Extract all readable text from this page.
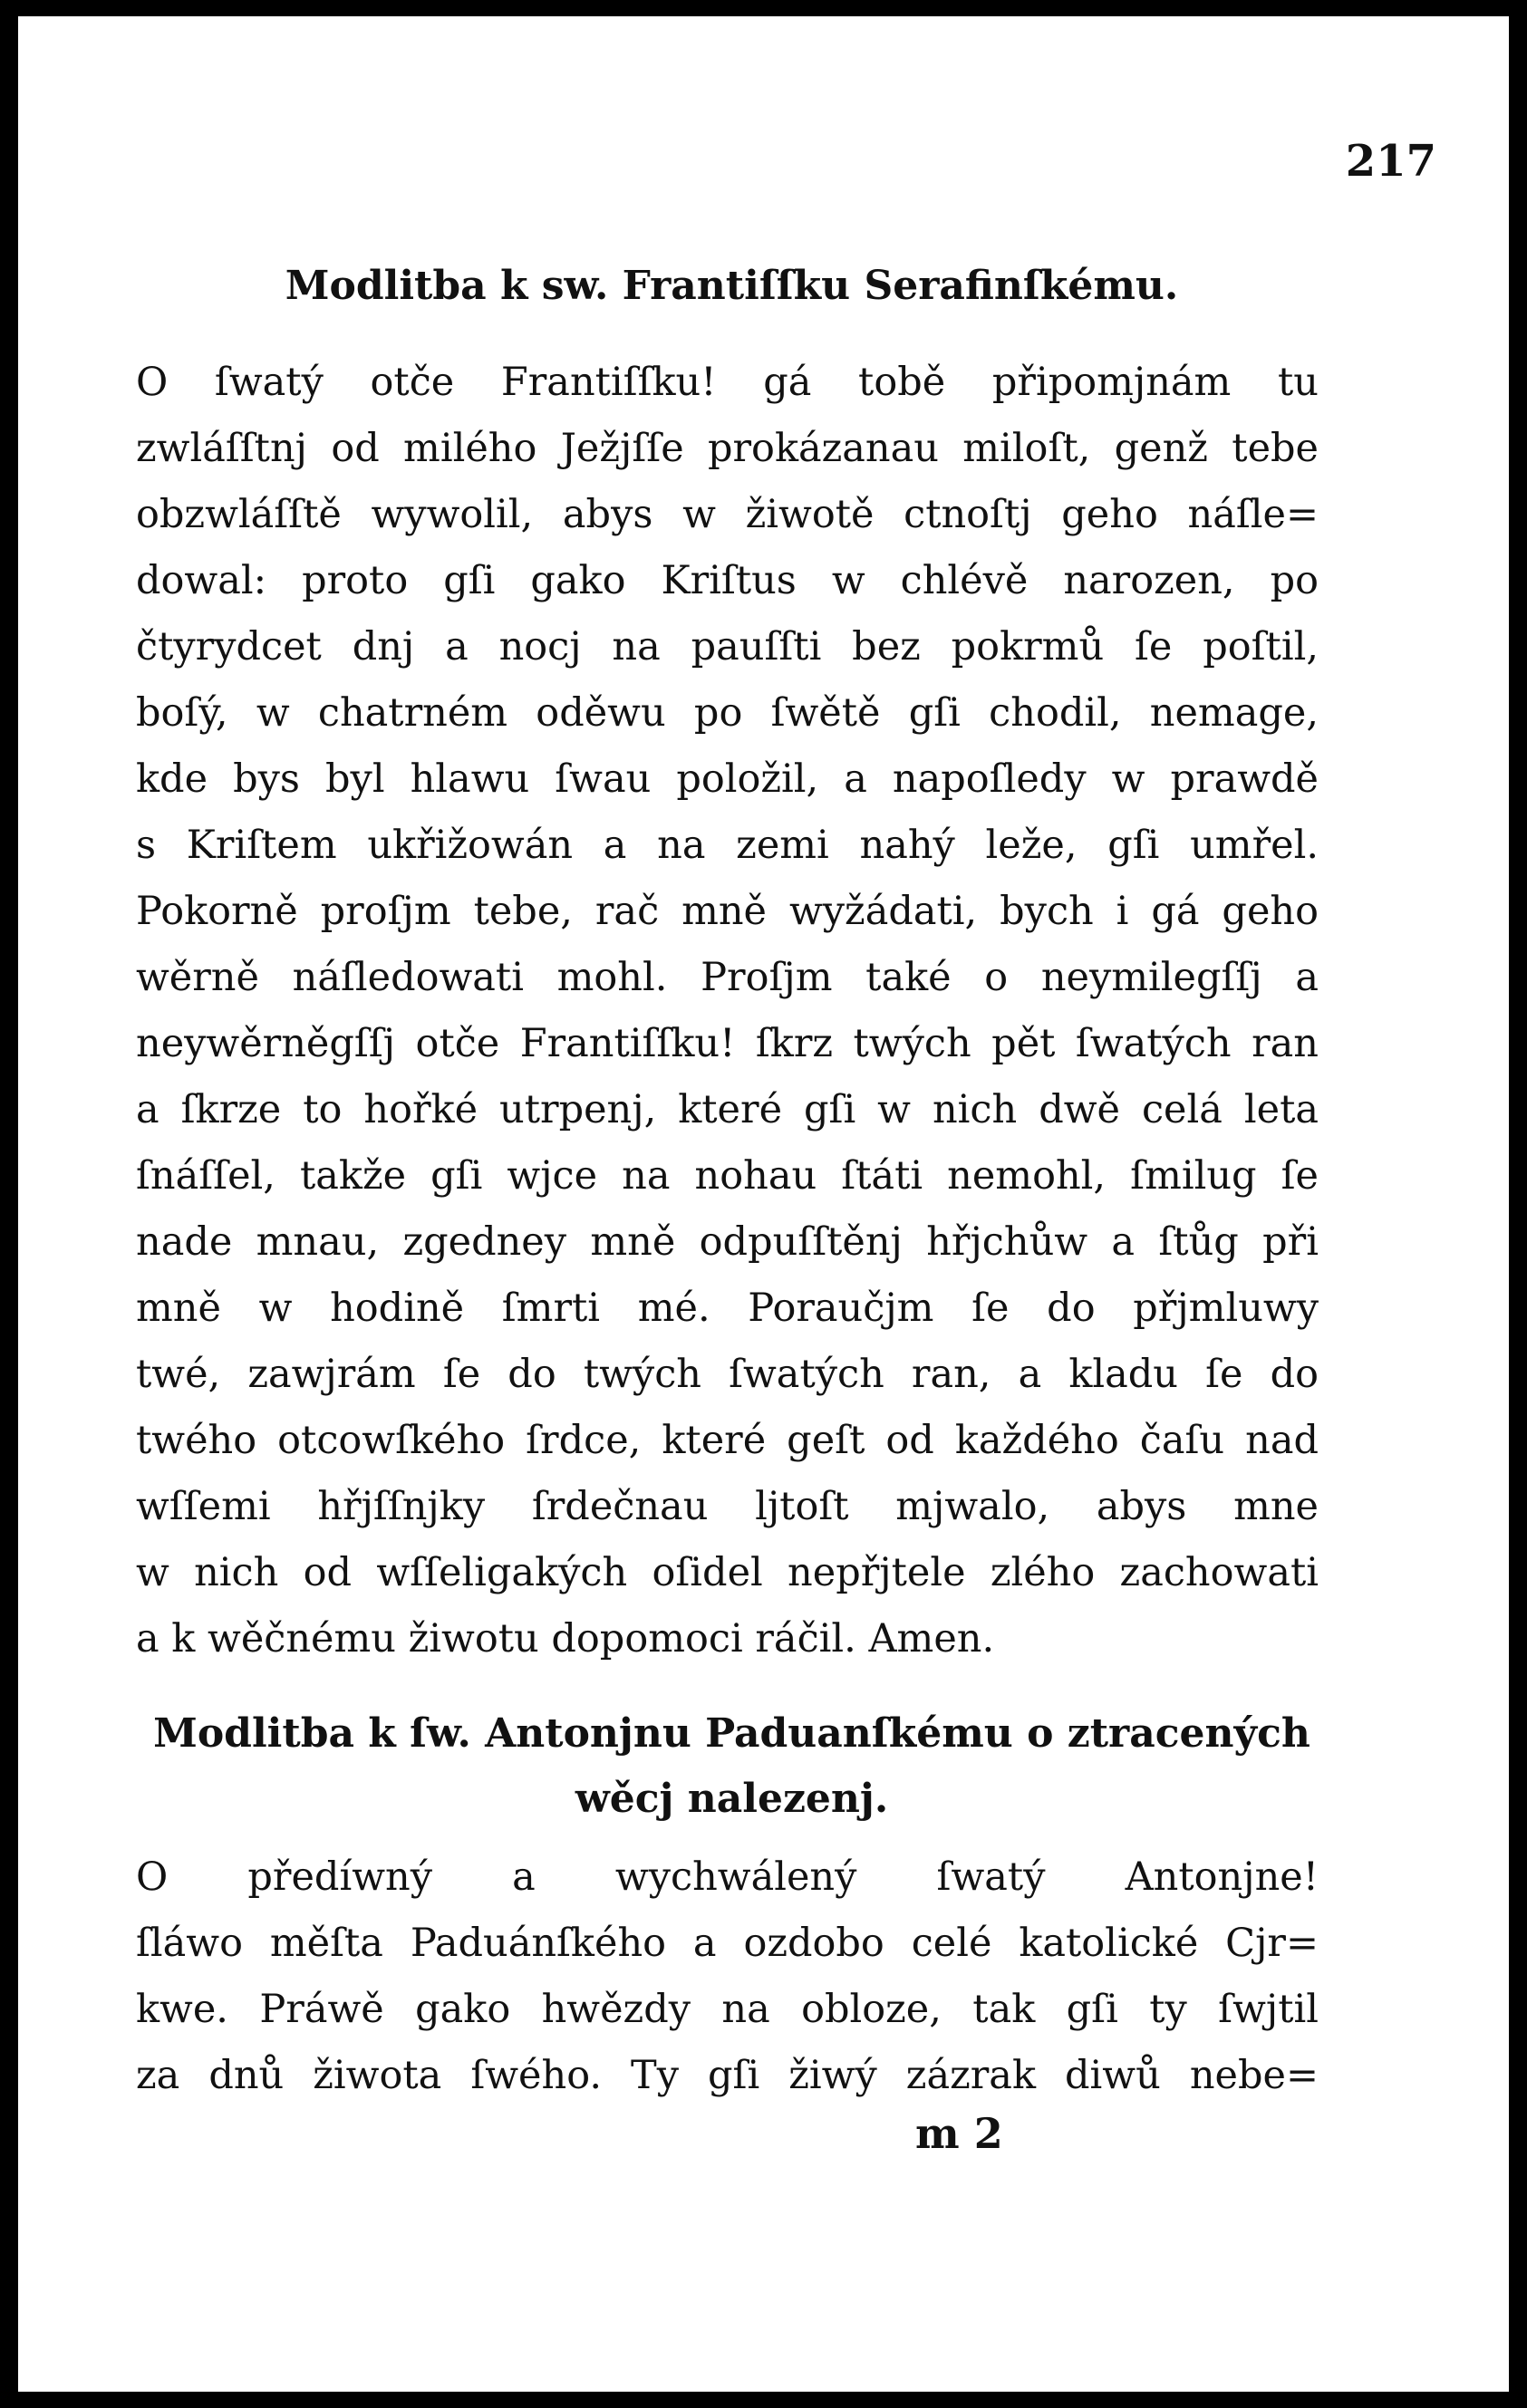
217
Modlitba k sw. Frantiſſku Serafinſkému.
O ſwatý otče Frantiſſku! gá tobě připomjnám tu
zwláſſtnj od milého Ježjſſe prokázanau miloſt, genž tebe
obzwláſſtě wywolil, abys w žiwotě ctnoſtj geho náſle=
dowal: proto gſi gako Kriſtus w chlévě narozen, po
čtyrydcet dnj a nocj na pauſſti bez pokrmů ſe poſtil,
boſý, w chatrném oděwu po ſwětě gſi chodil, nemage,
kde bys byl hlawu ſwau položil, a napoſledy w prawdě
s Kriſtem ukřižowán a na zemi nahý leže, gſi umřel.
Pokorně proſjm tebe, rač mně wyžádati, bych i gá geho
wěrně náſledowati mohl. Proſjm také o neymilegſſj a
neywěrněgſſj otče Frantiſſku! ſkrz twých pět ſwatých ran
a ſkrze to hořké utrpenj, které gſi w nich dwě celá leta
ſnáſſel, takže gſi wjce na nohau ſtáti nemohl, ſmilug ſe
nade mnau, zgedney mně odpuſſtěnj hřjchůw a ſtůg při
mně w hodině ſmrti mé. Poraučjm ſe do přjmluwy
twé, zawjrám ſe do twých ſwatých ran, a kladu ſe do
twého otcowſkého ſrdce, které geſt od každého čaſu nad
wſſemi hřjſſnjky ſrdečnau ljtoſt mjwalo, abys mne
w nich od wſſeligakých oſidel nepřjtele zlého zachowati
a k wěčnému žiwotu dopomoci ráčil. Amen.
Modlitba k ſw. Antonjnu Paduanſkému o ztracených wěcj nalezenj.
O předíwný a wychwálený ſwatý Antonjne!
ſláwo měſta Paduánſkého a ozdobo celé katolické Cjr=
kwe. Práwě gako hwězdy na obloze, tak gſi ty ſwjtil
za dnů žiwota ſwého. Ty gſi žiwý zázrak diwů nebe=
m 2
